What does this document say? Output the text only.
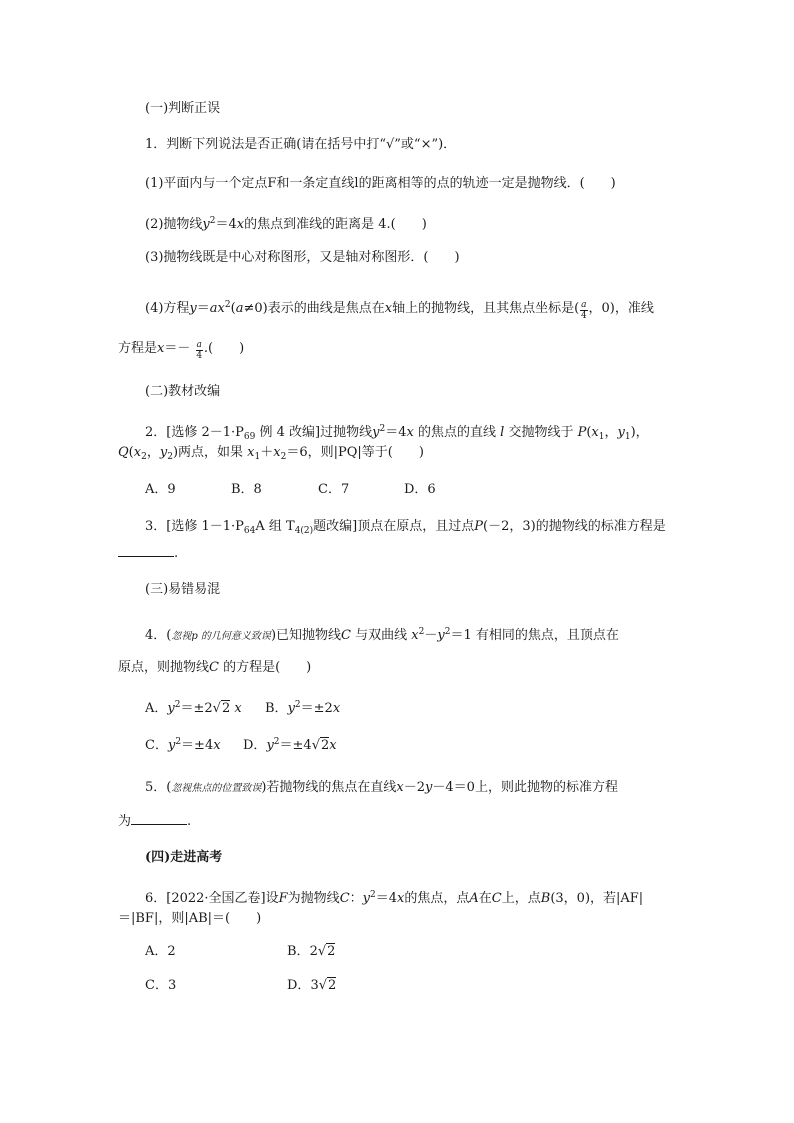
(一)判断正误
1．判断下列说法是否正确(请在括号中打“√”或“×”)．
(1)平面内与一个定点F和一条定直线l的距离相等的点的轨迹一定是抛物线．(　　)
(2)抛物线$y^2=4x$的焦点到准线的距离是 4.(　　)
(3)抛物线既是中心对称图形，又是轴对称图形．(　　)
(4)方程$y=ax^2(a\ne 0)$表示的曲线是焦点在x轴上的抛物线，且其焦点坐标是( $\frac{a}{4}$ ，0)，准线
方程是$x=- \frac{a}{4}$ .(　　)
(二)教材改编
2．[选修 $2-1\cdot P_{69}$ 例 4 改编]过抛物线$y^2=4x$ 的焦点的直线 l 交抛物线于 $P(x_1$，$y_1$)，
$Q(x_2$，$y_2$)两点，如果 $x_1+x_2=6$，则|PQ|等于(　　)
A．9	B．8	C．7	D．6
3．[选修 $1-1\cdot P_{64}A$ 组 $T_{4(2)}$题改编]顶点在原点，且过点P(－2，3)的抛物线的标准方程是
.
(三)易错易混
4．(忽视p 的几何意义致误)已知抛物线C 与双曲线 $x^2-y^2=1$ 有相同的焦点，且顶点在
原点，则抛物线C 的方程是(　　)
A．$y^2=\pm 2√2$ x B．$y^2=\pm 2x$
C．$y^2=\pm 4x$ D．$y^2=\pm 4√2x$
5．(忽视焦点的位置致误)若抛物线的焦点在直线x－2y－4＝0上，则此抛物的标准方程
为	.
(四)走进高考
6．[2022·全国乙卷]设F为抛物线C：$y^2=4x$的焦点，点A在C上，点B(3，0)，若|AF|
＝|BF|，则|AB|＝(　　)
A．2	B．2√2
C．3	D．3√2
